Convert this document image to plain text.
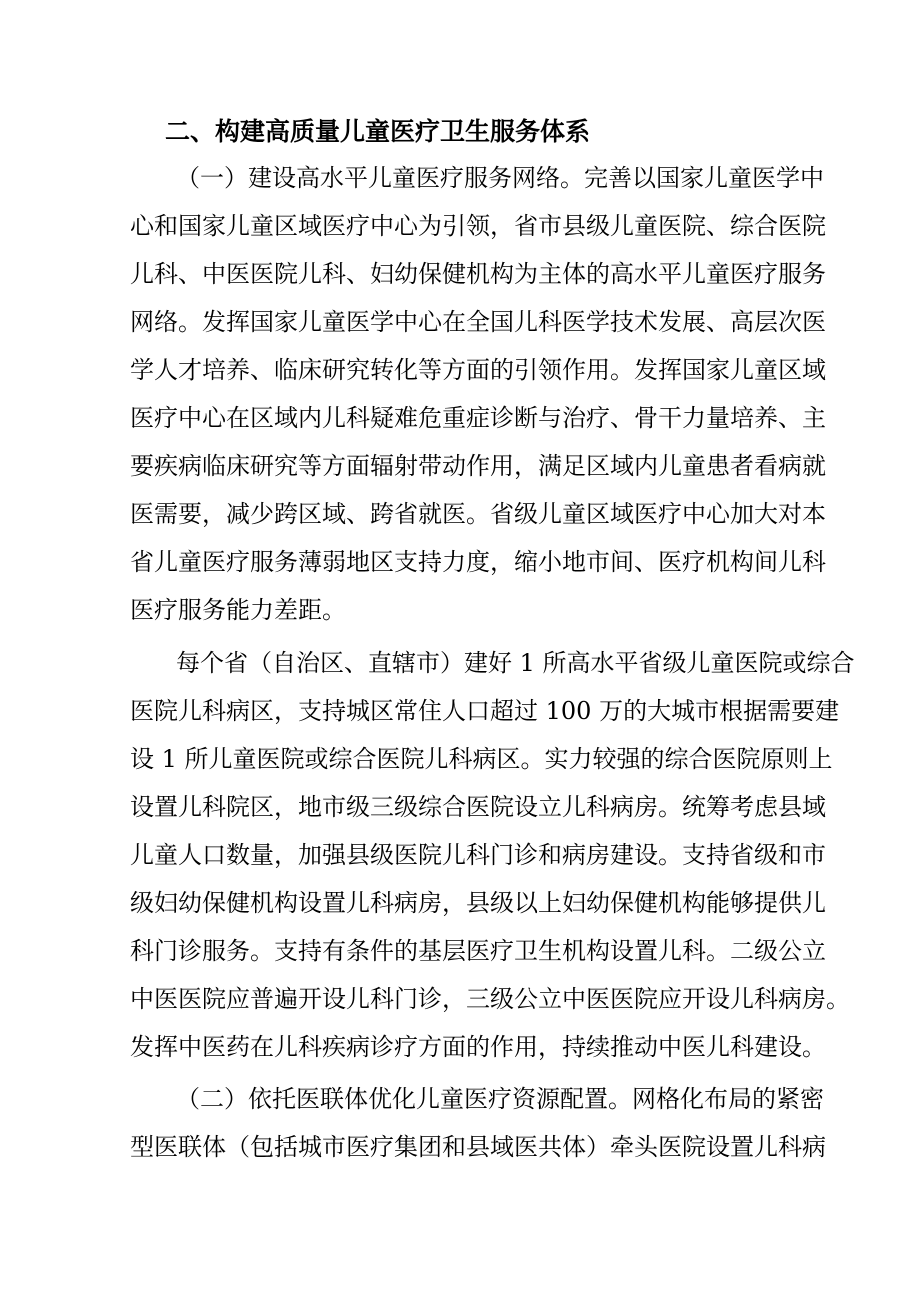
二、构建高质量儿童医疗卫生服务体系
（一）建设高水平儿童医疗服务网络。完善以国家儿童医学中
心和国家儿童区域医疗中心为引领，省市县级儿童医院、综合医院
儿科、中医医院儿科、妇幼保健机构为主体的高水平儿童医疗服务
网络。发挥国家儿童医学中心在全国儿科医学技术发展、高层次医
学人才培养、临床研究转化等方面的引领作用。发挥国家儿童区域
医疗中心在区域内儿科疑难危重症诊断与治疗、骨干力量培养、主
要疾病临床研究等方面辐射带动作用，满足区域内儿童患者看病就
医需要，减少跨区域、跨省就医。省级儿童区域医疗中心加大对本
省儿童医疗服务薄弱地区支持力度，缩小地市间、医疗机构间儿科
医疗服务能力差距。
每个省（自治区、直辖市）建好 1 所高水平省级儿童医院或综合
医院儿科病区，支持城区常住人口超过 100 万的大城市根据需要建
设 1 所儿童医院或综合医院儿科病区。实力较强的综合医院原则上
设置儿科院区，地市级三级综合医院设立儿科病房。统筹考虑县域
儿童人口数量，加强县级医院儿科门诊和病房建设。支持省级和市
级妇幼保健机构设置儿科病房，县级以上妇幼保健机构能够提供儿
科门诊服务。支持有条件的基层医疗卫生机构设置儿科。二级公立
中医医院应普遍开设儿科门诊，三级公立中医医院应开设儿科病房。
发挥中医药在儿科疾病诊疗方面的作用，持续推动中医儿科建设。
（二）依托医联体优化儿童医疗资源配置。网格化布局的紧密
型医联体（包括城市医疗集团和县域医共体）牵头医院设置儿科病
